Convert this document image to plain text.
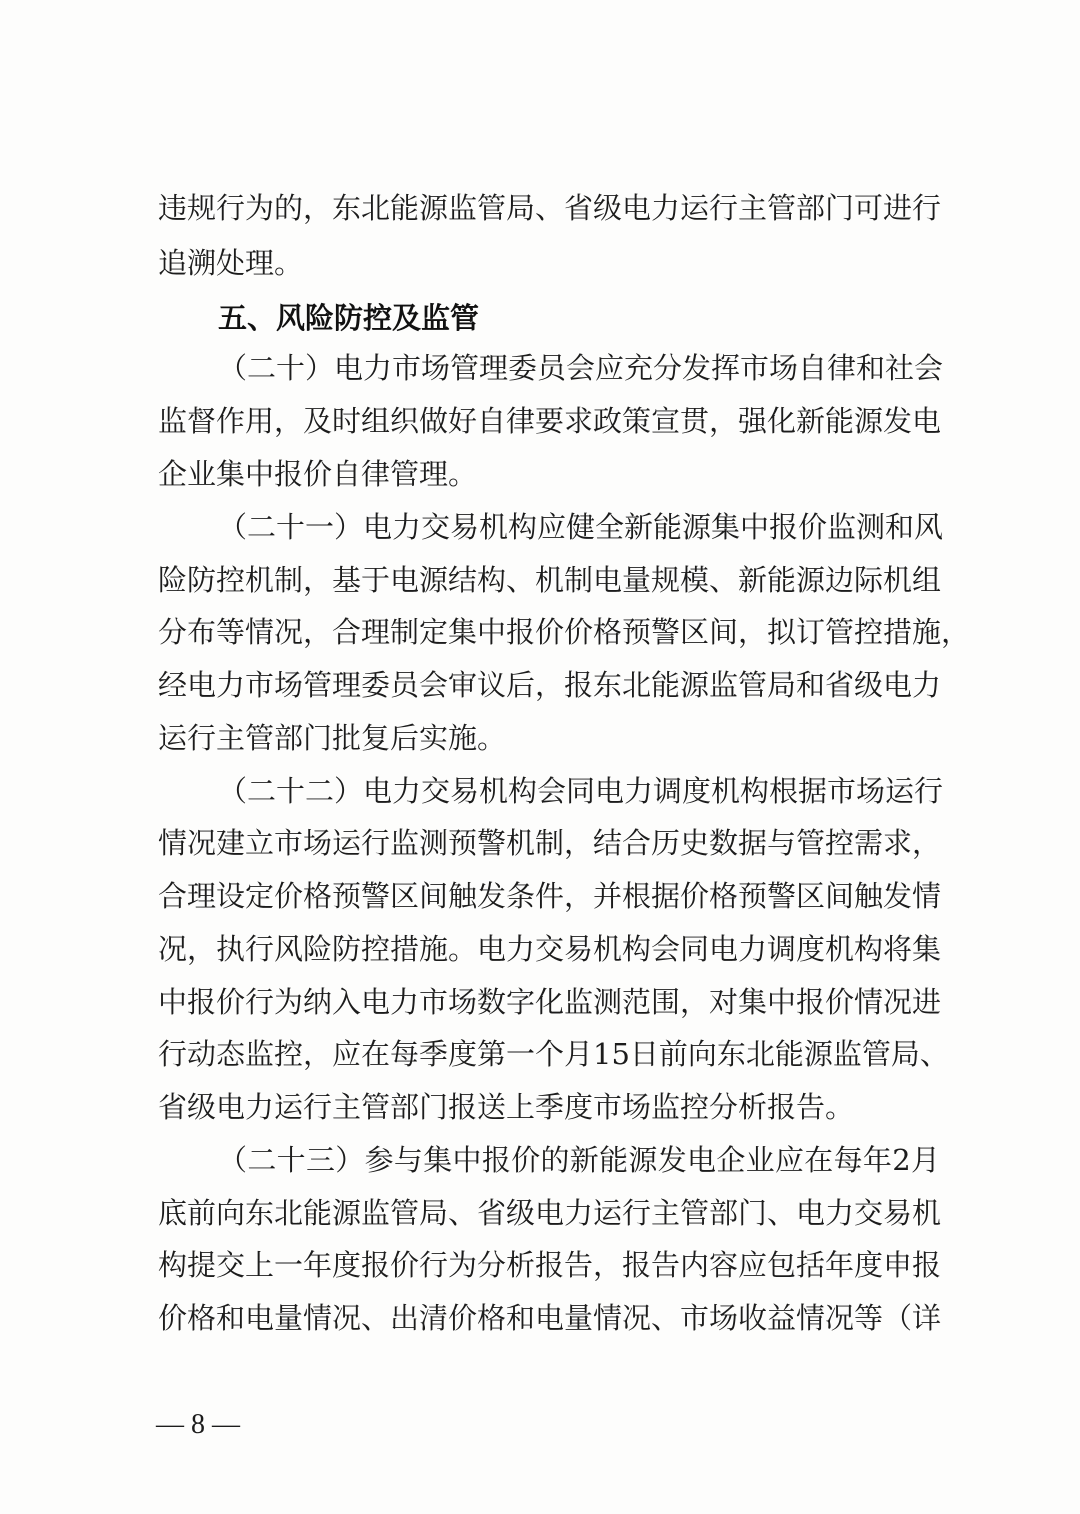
违规行为的，东北能源监管局、省级电力运行主管部门可进行
追溯处理。
五、风险防控及监管
（二十）电力市场管理委员会应充分发挥市场自律和社会
监督作用，及时组织做好自律要求政策宣贯，强化新能源发电
企业集中报价自律管理。
（二十一）电力交易机构应健全新能源集中报价监测和风
险防控机制，基于电源结构、机制电量规模、新能源边际机组
分布等情况，合理制定集中报价价格预警区间，拟订管控措施，
经电力市场管理委员会审议后，报东北能源监管局和省级电力
运行主管部门批复后实施。
（二十二）电力交易机构会同电力调度机构根据市场运行
情况建立市场运行监测预警机制，结合历史数据与管控需求，
合理设定价格预警区间触发条件，并根据价格预警区间触发情
况，执行风险防控措施。电力交易机构会同电力调度机构将集
中报价行为纳入电力市场数字化监测范围，对集中报价情况进
行动态监控，应在每季度第一个月15日前向东北能源监管局、
省级电力运行主管部门报送上季度市场监控分析报告。
（二十三）参与集中报价的新能源发电企业应在每年2月
底前向东北能源监管局、省级电力运行主管部门、电力交易机
构提交上一年度报价行为分析报告，报告内容应包括年度申报
价格和电量情况、出清价格和电量情况、市场收益情况等（详
— 8 —
